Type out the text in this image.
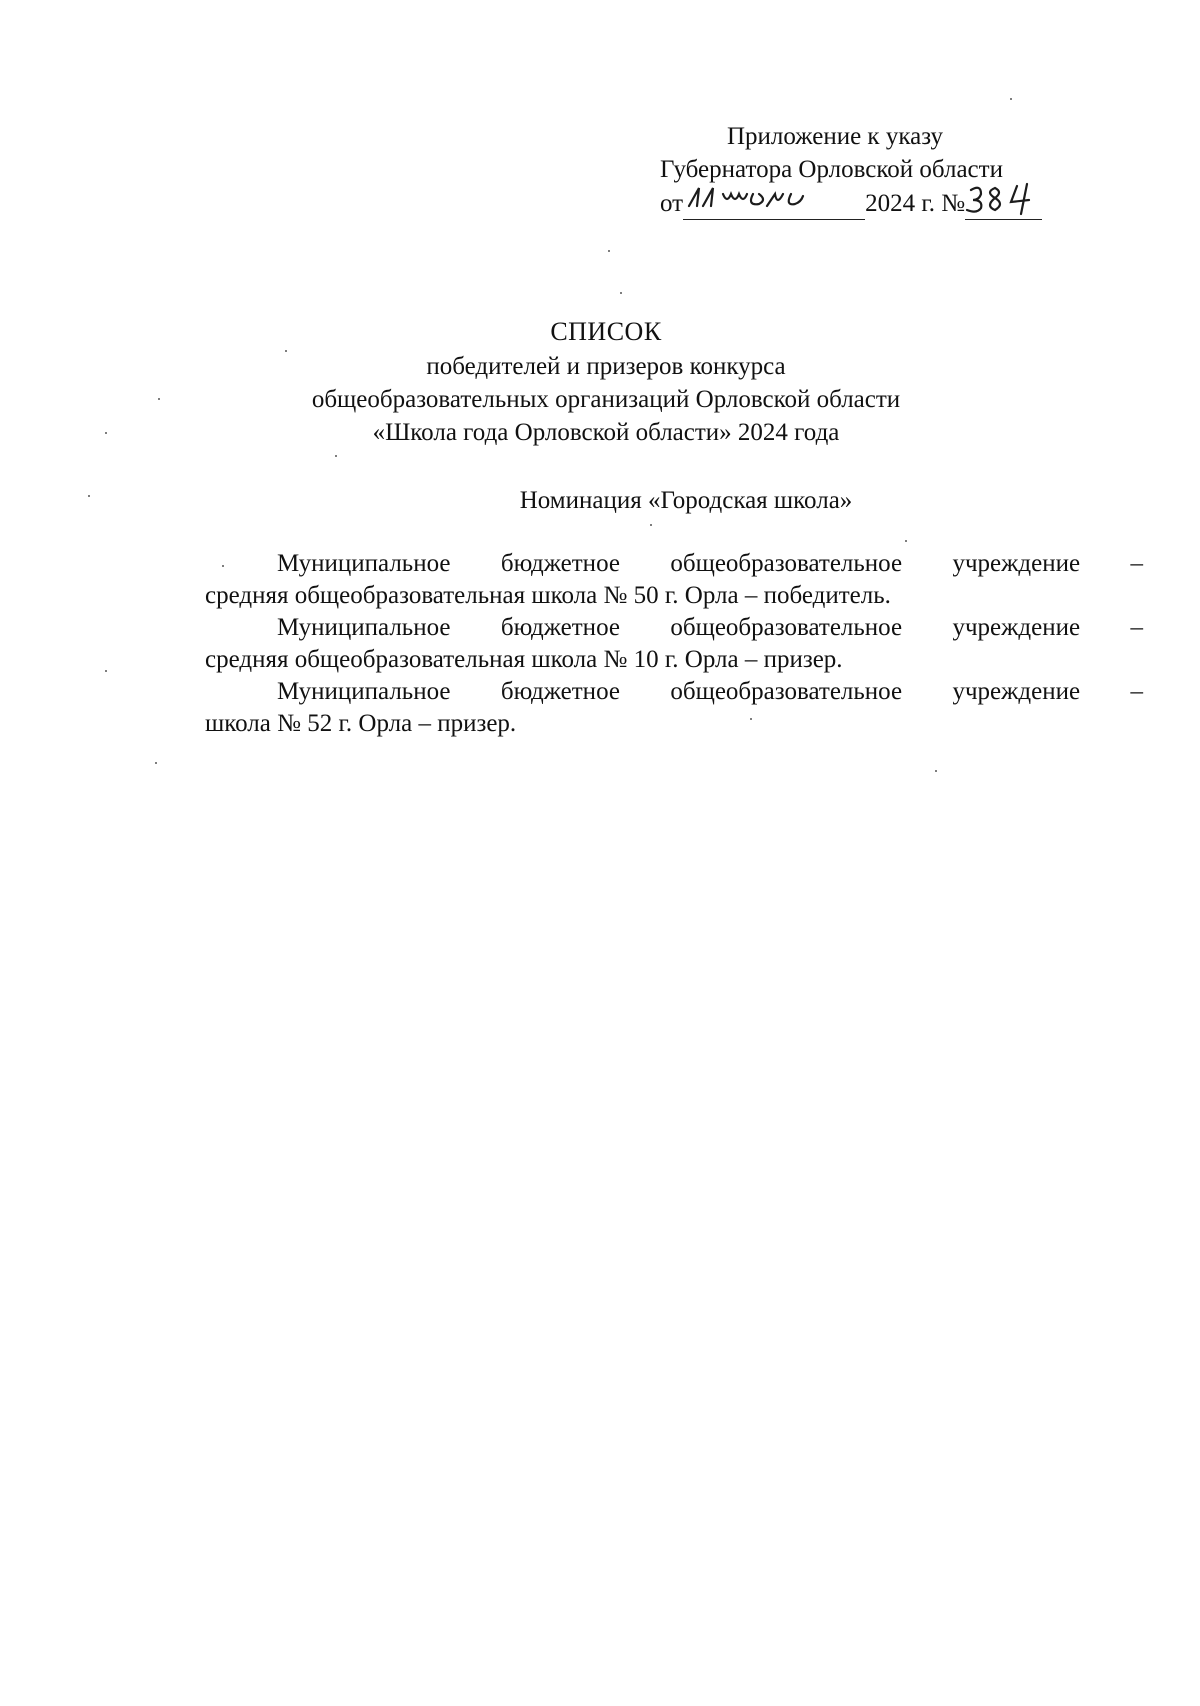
Приложение к указу
Губернатора Орловской области
от	2024 г. №
СПИСОК
победителей и призеров конкурса
общеобразовательных организаций Орловской области
«Школа года Орловской области» 2024 года
Номинация «Городская школа»
Муниципальное бюджетное общеобразовательное учреждение –
средняя общеобразовательная школа № 50 г. Орла – победитель.
Муниципальное бюджетное общеобразовательное учреждение –
средняя общеобразовательная школа № 10 г. Орла – призер.
Муниципальное бюджетное общеобразовательное учреждение –
школа № 52 г. Орла – призер.
